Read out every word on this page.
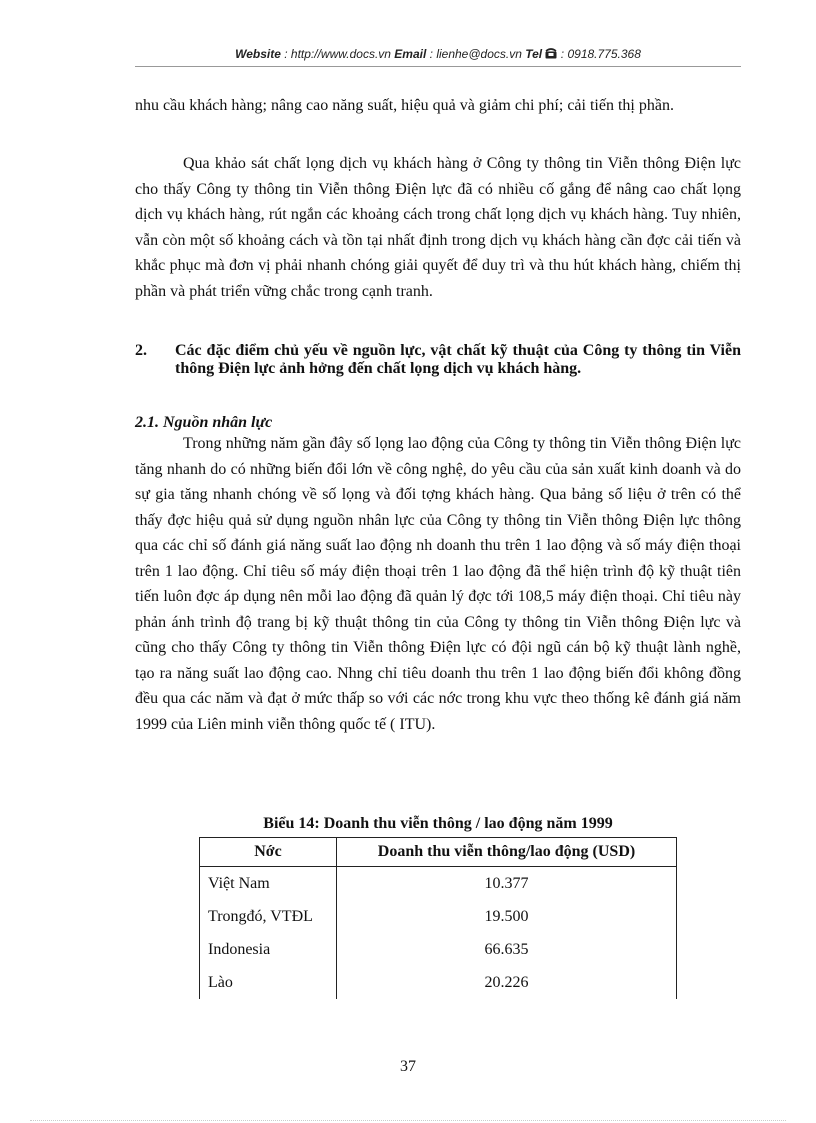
Website : http://www.docs.vn Email : lienhe@docs.vn Tel  : 0918.775.368

nhu cầu khách hàng; nâng cao năng suất, hiệu quả và giảm chi phí; cải tiến thị phần.

Qua khảo sát chất lọng dịch vụ khách hàng ở Công ty thông tin Viễn thông Điện lực cho thấy Công ty thông tin Viễn thông Điện lực đã có nhiều cố gắng để nâng cao chất lọng dịch vụ khách hàng, rút ngắn các khoảng cách trong chất lọng dịch vụ khách hàng. Tuy nhiên, vẫn còn một số khoảng cách và tồn tại nhất định trong dịch vụ khách hàng cần đợc cải tiến và khắc phục mà đơn vị phải nhanh chóng giải quyết để duy trì và thu hút khách hàng, chiếm thị phần và phát triển vững chắc trong cạnh tranh.

2. Các đặc điểm chủ yếu về nguồn lực, vật chất kỹ thuật của Công ty thông tin Viễn thông Điện lực ảnh hởng đến chất lọng dịch vụ khách hàng.
2.1. Nguồn nhân lực

Trong những năm gần đây số lọng lao động của Công ty thông tin Viễn thông Điện lực tăng nhanh do có những biến đổi lớn về công nghệ, do yêu cầu của sản xuất kinh doanh và do sự gia tăng nhanh chóng về số lọng và đối tợng khách hàng. Qua bảng số liệu ở trên có thể thấy đợc hiệu quả sử dụng nguồn nhân lực của Công ty thông tin Viễn thông Điện lực thông qua các chỉ số đánh giá năng suất lao động nh doanh thu trên 1 lao động và số máy điện thoại trên 1 lao động. Chỉ tiêu số máy điện thoại trên 1 lao động đã thể hiện trình độ kỹ thuật tiên tiến luôn đợc áp dụng nên mỗi lao động đã quản lý đợc tới 108,5 máy điện thoại. Chỉ tiêu này phản ánh trình độ trang bị kỹ thuật thông tin của Công ty thông tin Viễn thông Điện lực và cũng cho thấy Công ty thông tin Viễn thông Điện lực có đội ngũ cán bộ kỹ thuật lành nghề, tạo ra năng suất lao động cao. Nhng chỉ tiêu doanh thu trên 1 lao động biến đổi không đồng đều qua các năm và đạt ở mức thấp so với các nớc trong khu vực theo thống kê đánh giá năm 1999 của Liên minh viễn thông quốc tế ( ITU).

Biểu 14: Doanh thu viễn thông / lao động năm 1999
Nớc	Doanh thu viễn thông/lao động (USD)
Việt Nam	10.377
Trongđó, VTĐL	19.500
Indonesia	66.635
Lào	20.226
37
